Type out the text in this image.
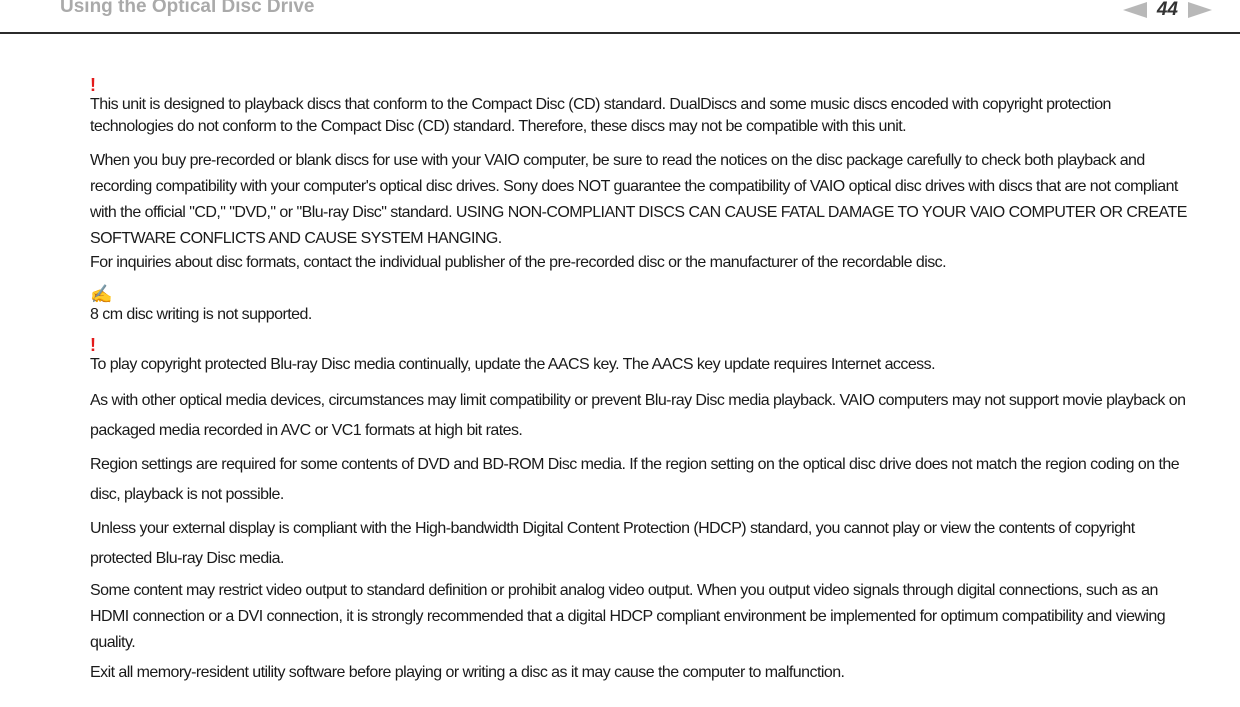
Using the Optical Disc Drive	44
!

This unit is designed to playback discs that conform to the Compact Disc (CD) standard. DualDiscs and some music discs encoded with copyright protection technologies do not conform to the Compact Disc (CD) standard. Therefore, these discs may not be compatible with this unit.

When you buy pre-recorded or blank discs for use with your VAIO computer, be sure to read the notices on the disc package carefully to check both playback and recording compatibility with your computer's optical disc drives. Sony does NOT guarantee the compatibility of VAIO optical disc drives with discs that are not compliant with the official "CD," "DVD," or "Blu-ray Disc" standard. USING NON-COMPLIANT DISCS CAN CAUSE FATAL DAMAGE TO YOUR VAIO COMPUTER OR CREATE SOFTWARE CONFLICTS AND CAUSE SYSTEM HANGING.

For inquiries about disc formats, contact the individual publisher of the pre-recorded disc or the manufacturer of the recordable disc.

✍

8 cm disc writing is not supported.

!

To play copyright protected Blu-ray Disc media continually, update the AACS key. The AACS key update requires Internet access.

As with other optical media devices, circumstances may limit compatibility or prevent Blu-ray Disc media playback. VAIO computers may not support movie playback on packaged media recorded in AVC or VC1 formats at high bit rates.

Region settings are required for some contents of DVD and BD-ROM Disc media. If the region setting on the optical disc drive does not match the region coding on the disc, playback is not possible.

Unless your external display is compliant with the High-bandwidth Digital Content Protection (HDCP) standard, you cannot play or view the contents of copyright protected Blu-ray Disc media.

Some content may restrict video output to standard definition or prohibit analog video output. When you output video signals through digital connections, such as an HDMI connection or a DVI connection, it is strongly recommended that a digital HDCP compliant environment be implemented for optimum compatibility and viewing quality.

Exit all memory-resident utility software before playing or writing a disc as it may cause the computer to malfunction.
